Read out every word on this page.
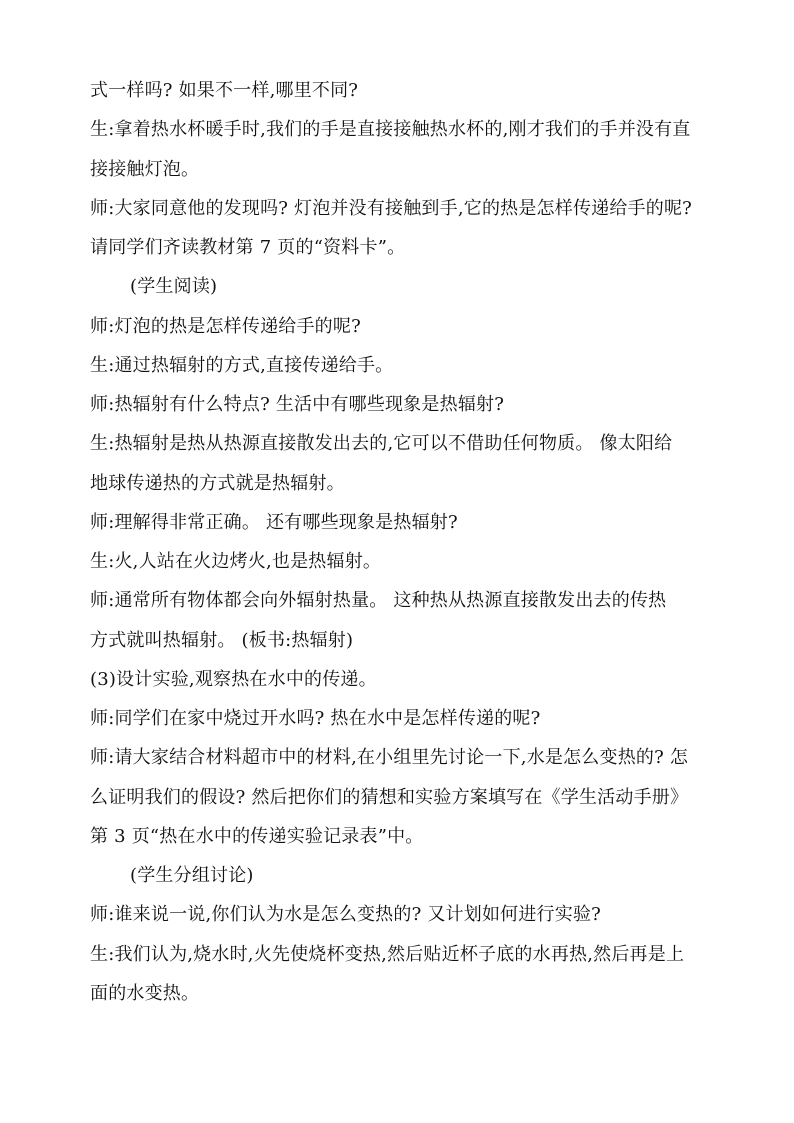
式一样吗? 如果不一样,哪里不同?
生:拿着热水杯暖手时,我们的手是直接接触热水杯的,刚才我们的手并没有直
接接触灯泡。
师:大家同意他的发现吗? 灯泡并没有接触到手,它的热是怎样传递给手的呢?
请同学们齐读教材第 7 页的“资料卡”。
(学生阅读)
师:灯泡的热是怎样传递给手的呢?
生:通过热辐射的方式,直接传递给手。
师:热辐射有什么特点? 生活中有哪些现象是热辐射?
生:热辐射是热从热源直接散发出去的,它可以不借助任何物质。 像太阳给
地球传递热的方式就是热辐射。
师:理解得非常正确。 还有哪些现象是热辐射?
生:火,人站在火边烤火,也是热辐射。
师:通常所有物体都会向外辐射热量。 这种热从热源直接散发出去的传热
方式就叫热辐射。 (板书:热辐射)
(3)设计实验,观察热在水中的传递。
师:同学们在家中烧过开水吗? 热在水中是怎样传递的呢?
师:请大家结合材料超市中的材料,在小组里先讨论一下,水是怎么变热的? 怎
么证明我们的假设? 然后把你们的猜想和实验方案填写在《学生活动手册》
第 3 页“热在水中的传递实验记录表”中。
(学生分组讨论)
师:谁来说一说,你们认为水是怎么变热的? 又计划如何进行实验?
生:我们认为,烧水时,火先使烧杯变热,然后贴近杯子底的水再热,然后再是上
面的水变热。
